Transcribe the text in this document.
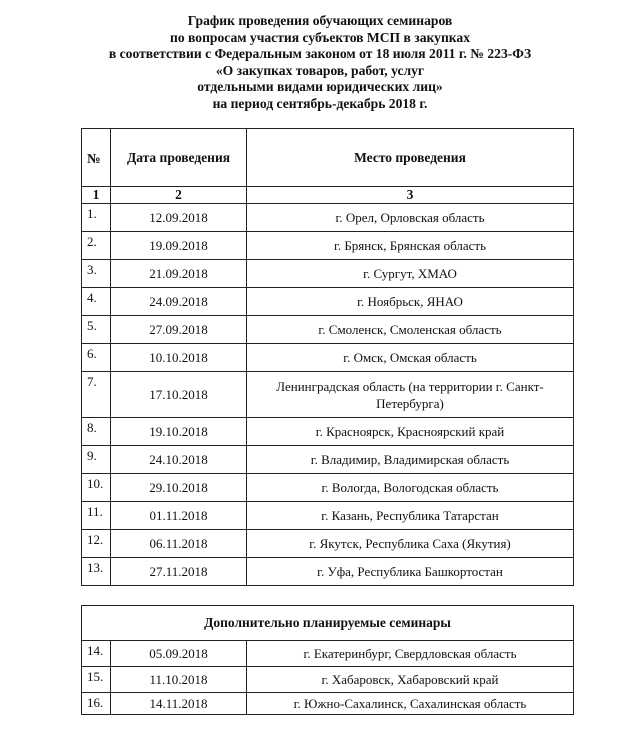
График проведения обучающих семинаров
по вопросам участия субъектов МСП в закупках
в соответствии с Федеральным законом от 18 июля 2011 г. № 223-ФЗ
«О закупках товаров, работ, услуг
отдельными видами юридических лиц»
на период сентябрь-декабрь 2018 г.
№	Дата проведения	Место проведения
1	2	3
1.	12.09.2018	г. Орел, Орловская область
2.	19.09.2018	г. Брянск, Брянская область
3.	21.09.2018	г. Сургут, ХМАО
4.	24.09.2018	г. Ноябрьск, ЯНАО
5.	27.09.2018	г. Смоленск, Смоленская область
6.	10.10.2018	г. Омск, Омская область
7.	17.10.2018	Ленинградская область (на территории г. Санкт-Петербурга)
8.	19.10.2018	г. Красноярск, Красноярский край
9.	24.10.2018	г. Владимир, Владимирская область
10.	29.10.2018	г. Вологда, Вологодская область
11.	01.11.2018	г. Казань, Республика Татарстан
12.	06.11.2018	г. Якутск, Республика Саха (Якутия)
13.	27.11.2018	г. Уфа, Республика Башкортостан
Дополнительно планируемые семинары		
14.	05.09.2018	г. Екатеринбург, Свердловская область
15.	11.10.2018	г. Хабаровск, Хабаровский край
16.	14.11.2018	г. Южно-Сахалинск, Сахалинская область
